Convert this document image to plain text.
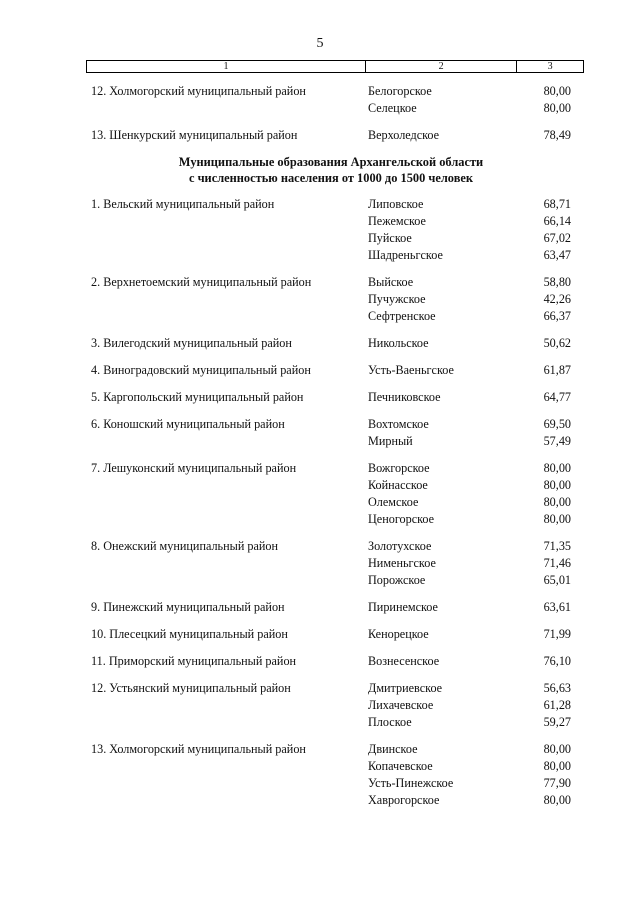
5
1	2	3
12. Холмогорский муниципальный район	Белогорское	80,00
Селецкое	80,00
13. Шенкурский муниципальный район	Верхоледское	78,49
Муниципальные образования Архангельской области
с численностью населения от 1000 до 1500 человек
1. Вельский муниципальный район	Липовское	68,71
Пежемское	66,14
Пуйское	67,02
Шадреньгское	63,47
2. Верхнетоемский муниципальный район	Выйское	58,80
Пучужское	42,26
Сефтренское	66,37
3. Вилегодский муниципальный район	Никольское	50,62
4. Виноградовский муниципальный район	Усть-Ваеньгское	61,87
5. Каргопольский муниципальный район	Печниковское	64,77
6. Коношский муниципальный район	Вохтомское	69,50
Мирный	57,49
7. Лешуконский муниципальный район	Вожгорское	80,00
Койнасское	80,00
Олемское	80,00
Ценогорское	80,00
8. Онежский муниципальный район	Золотухское	71,35
Нименьгское	71,46
Порожское	65,01
9. Пинежский муниципальный район	Пиринемское	63,61
10. Плесецкий муниципальный район	Кенорецкое	71,99
11. Приморский муниципальный район	Вознесенское	76,10
12. Устьянский муниципальный район	Дмитриевское	56,63
Лихачевское	61,28
Плоское	59,27
13. Холмогорский муниципальный район	Двинское	80,00
Копачевское	80,00
Усть-Пинежское	77,90
Хаврогорское	80,00
